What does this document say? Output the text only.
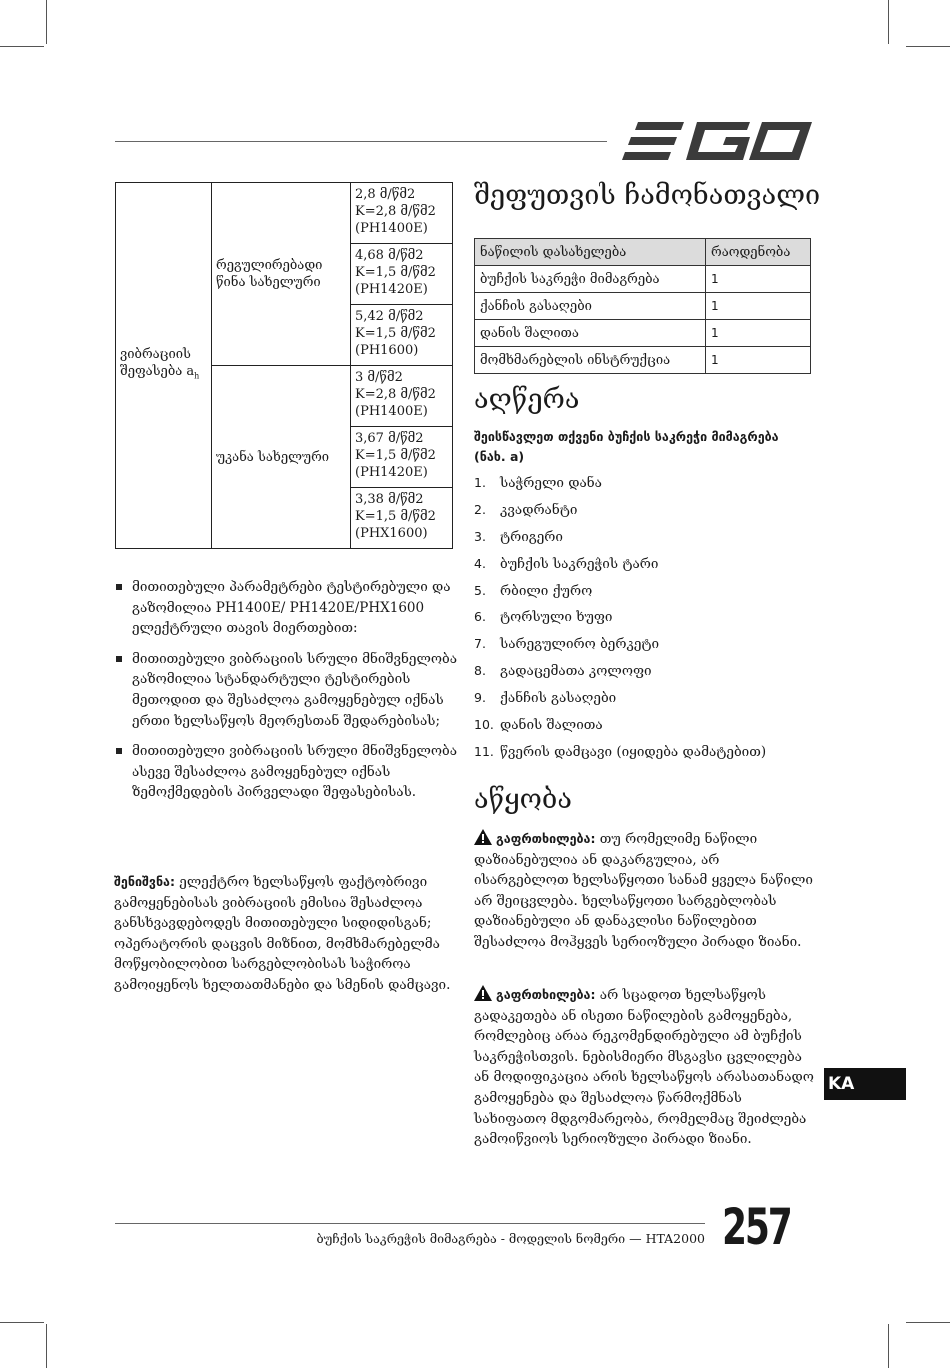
ვიბრაციის შეფასება $a_h$	რეგულირებადი წინა სახელური	2,8 მ/წმ2
K=2,8 მ/წმ2
(PH1400E)

		4,68 მ/წმ2
K=1,5 მ/წმ2
(PH1420E)

		5,42 მ/წმ2
K=1,5 მ/წმ2
(PH1600)

	უკანა სახელური	3 მ/წმ2
K=2,8 მ/წმ2
(PH1400E)

		3,67 მ/წმ2
K=1,5 მ/წმ2
(PH1420E)

		3,38 მ/წმ2
K=1,5 მ/წმ2
(PHX1600)
მითითებული პარამეტრები ტესტირებული და გაზომილია PH1400E/ PH1420E/PHX1600 ელექტრული თავის მიერთებით:
მითითებული ვიბრაციის სრული მნიშვნელობა გაზომილია სტანდარტული ტესტირების მეთოდით და შესაძლოა გამოყენებულ იქნას ერთი ხელსაწყოს მეორესთან შედარებისას;
მითითებული ვიბრაციის სრული მნიშვნელობა ასევე შესაძლოა გამოყენებულ იქნას ზემოქმედების პირველადი შეფასებისას.
შენიშვნა: ელექტრო ხელსაწყოს ფაქტობრივი გამოყენებისას ვიბრაციის ემისია შესაძლოა განსხვავდებოდეს მითითებული სიდიდისგან; ოპერატორის დაცვის მიზნით, მომხმარებელმა მოწყობილობით სარგებლობისას საჭიროა გამოიყენოს ხელთათმანები და სმენის დამცავი.
შეფუთვის ჩამონათვალი
ნაწილის დასახელება	რაოდენობა
ბუჩქის საკრეჭი მიმაგრება	1
ქანჩის გასაღები	1
დანის შალითა	1
მომხმარებლის ინსტრუქცია	1
აღწერა
შეისწავლეთ თქვენი ბუჩქის საკრეჭი მიმაგრება (ნახ. a)
1.	საჭრელი დანა
2.	კვადრანტი
3.	ტრიგერი
4.	ბუჩქის საკრეჭის ტარი
5.	რბილი ქურო
6.	ტორსული ხუფი
7.	სარეგულირო ბერკეტი
8.	გადაცემათა კოლოფი
9.	ქანჩის გასაღები
10. დანის შალითა
11. წვერის დამცავი (იყიდება დამატებით)
აწყობა
გაფრთხილება: თუ რომელიმე ნაწილი დაზიანებულია ან დაკარგულია, არ ისარგებლოთ ხელსაწყოთი სანამ ყველა ნაწილი არ შეიცვლება. ხელსაწყოთი სარგებლობას დაზიანებული ან დანაკლისი ნაწილებით შესაძლოა მოჰყვეს სერიოზული პირადი ზიანი.
გაფრთხილება: არ სცადოთ ხელსაწყოს გადაკეთება ან ისეთი ნაწილების გამოყენება, რომლებიც არაა რეკომენდირებული ამ ბუჩქის საკრეჭისთვის. ნებისმიერი მსგავსი ცვლილება ან მოდიფიკაცია არის ხელსაწყოს არასათანადო გამოყენება და შესაძლოა წარმოქმნას სახიფათო მდგომარეობა, რომელმაც შეიძლება გამოიწვიოს სერიოზული პირადი ზიანი.
KA
ბუჩქის საკრეჭის მიმაგრება - მოდელის ნომერი — HTA2000 257
